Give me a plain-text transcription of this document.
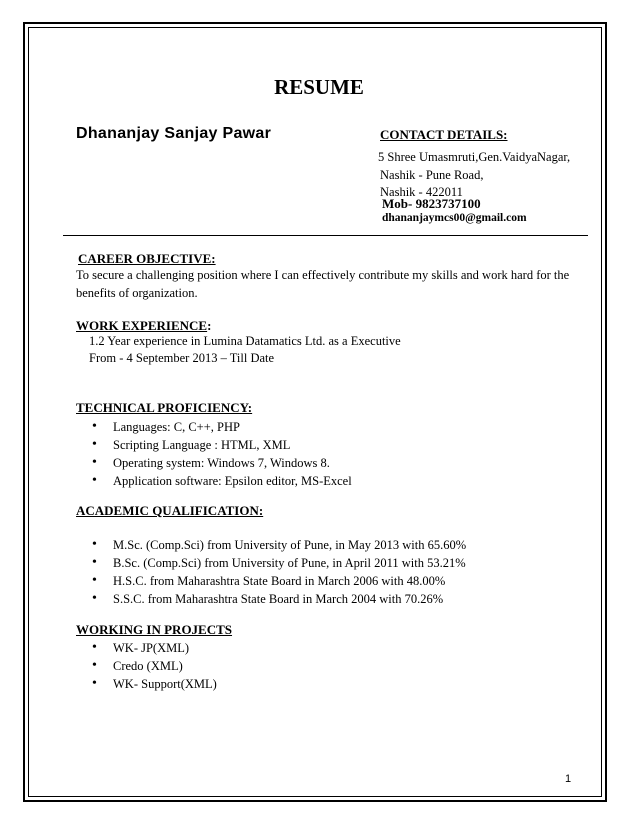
RESUME
Dhananjay Sanjay Pawar	CONTACT DETAILS:
5 Shree Umasmruti,Gen.VaidyaNagar,
Nashik - Pune Road,
Nashik - 422011
Mob- 9823737100
dhananjaymcs00@gmail.com
CAREER OBJECTIVE:
To secure a challenging position where I can effectively contribute my skills and work hard for the
benefits of organization.
WORK EXPERIENCE:
1.2 Year experience in Lumina Datamatics Ltd. as a Executive
From - 4 September 2013 – Till Date
TECHNICAL PROFICIENCY:
• Languages: C, C++, PHP
• Scripting Language : HTML, XML
• Operating system: Windows 7, Windows 8.
• Application software: Epsilon editor, MS-Excel
ACADEMIC QUALIFICATION:
• M.Sc. (Comp.Sci) from University of Pune, in May 2013 with 65.60%
• B.Sc. (Comp.Sci) from University of Pune, in April 2011 with 53.21%
• H.S.C. from Maharashtra State Board in March 2006 with 48.00%
• S.S.C. from Maharashtra State Board in March 2004 with 70.26%
WORKING IN PROJECTS
• WK- JP(XML)
• Credo (XML)
• WK- Support(XML)
1
